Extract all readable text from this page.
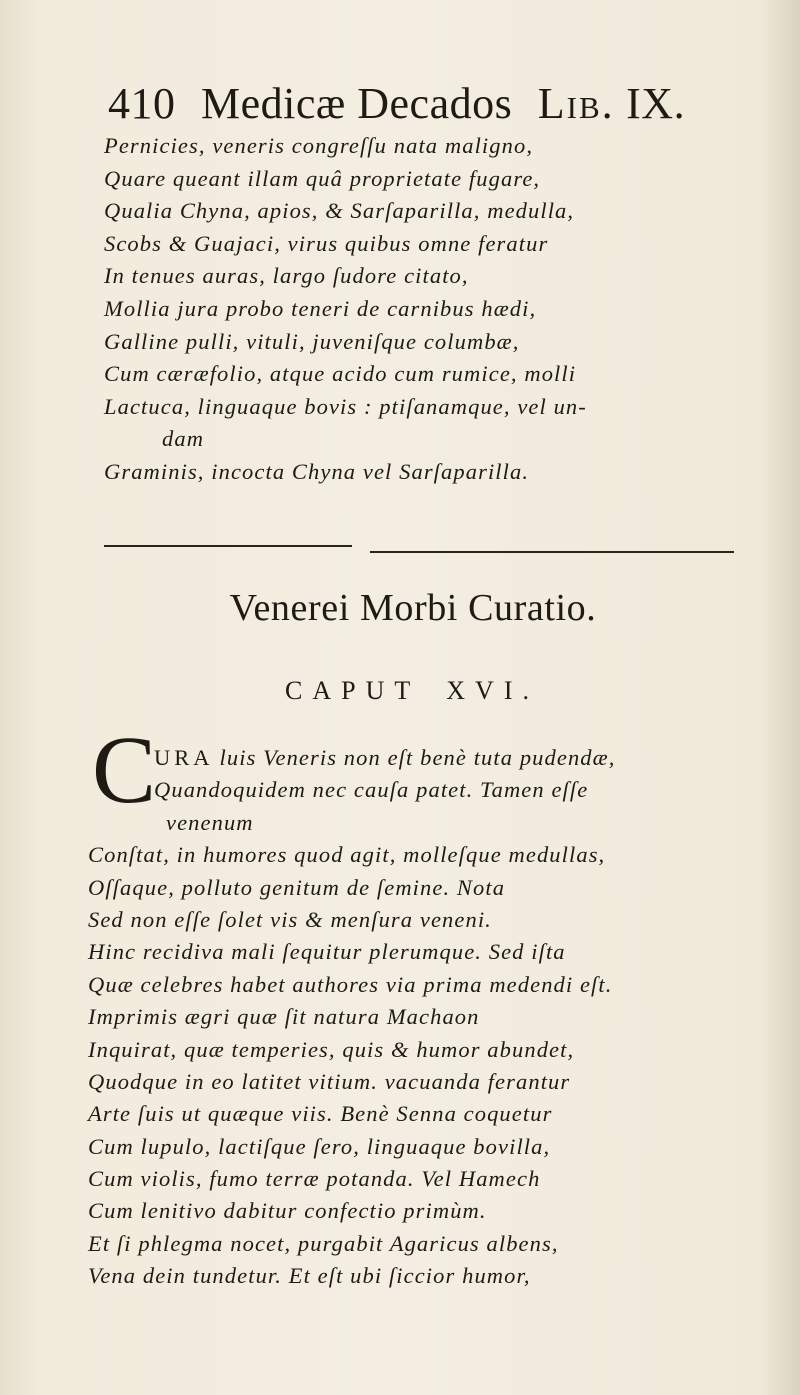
410 Medicæ Decados Lib. IX.
Pernicies, veneris congreſſu nata maligno,
Quare queant illam quâ proprietate fugare,
Qualia Chyna, apios, & Sarſaparilla, medulla,
Scobs & Guajaci, virus quibus omne feratur
In tenues auras, largo ſudore citato,
Mollia jura probo teneri de carnibus hædi,
Galline pulli, vituli, juveniſque columbæ,
Cum cæræfolio, atque acido cum rumice, molli
Lactuca, linguaque bovis : ptiſanamque, vel un-
dam
Graminis, incocta Chyna vel Sarſaparilla.
Venerei Morbi Curatio.
CAPUT XVI.
C
URA luis Veneris non eſt benè tuta pudendæ,
Quandoquidem nec cauſa patet. Tamen eſſe
venenum
Conſtat, in humores quod agit, molleſque medullas,
Oſſaque, polluto genitum de ſemine. Nota
Sed non eſſe ſolet vis & menſura veneni.
Hinc recidiva mali ſequitur plerumque. Sed iſta
Quæ celebres habet authores via prima medendi eſt.
Imprimis ægri quæ ſit natura Machaon
Inquirat, quæ temperies, quis & humor abundet,
Quodque in eo latitet vitium. vacuanda ferantur
Arte ſuis ut quæque viis. Benè Senna coquetur
Cum lupulo, lactiſque ſero, linguaque bovilla,
Cum violis, fumo terræ potanda. Vel Hamech
Cum lenitivo dabitur confectio primùm.
Et ſi phlegma nocet, purgabit Agaricus albens,
Vena dein tundetur. Et eſt ubi ſiccior humor,
